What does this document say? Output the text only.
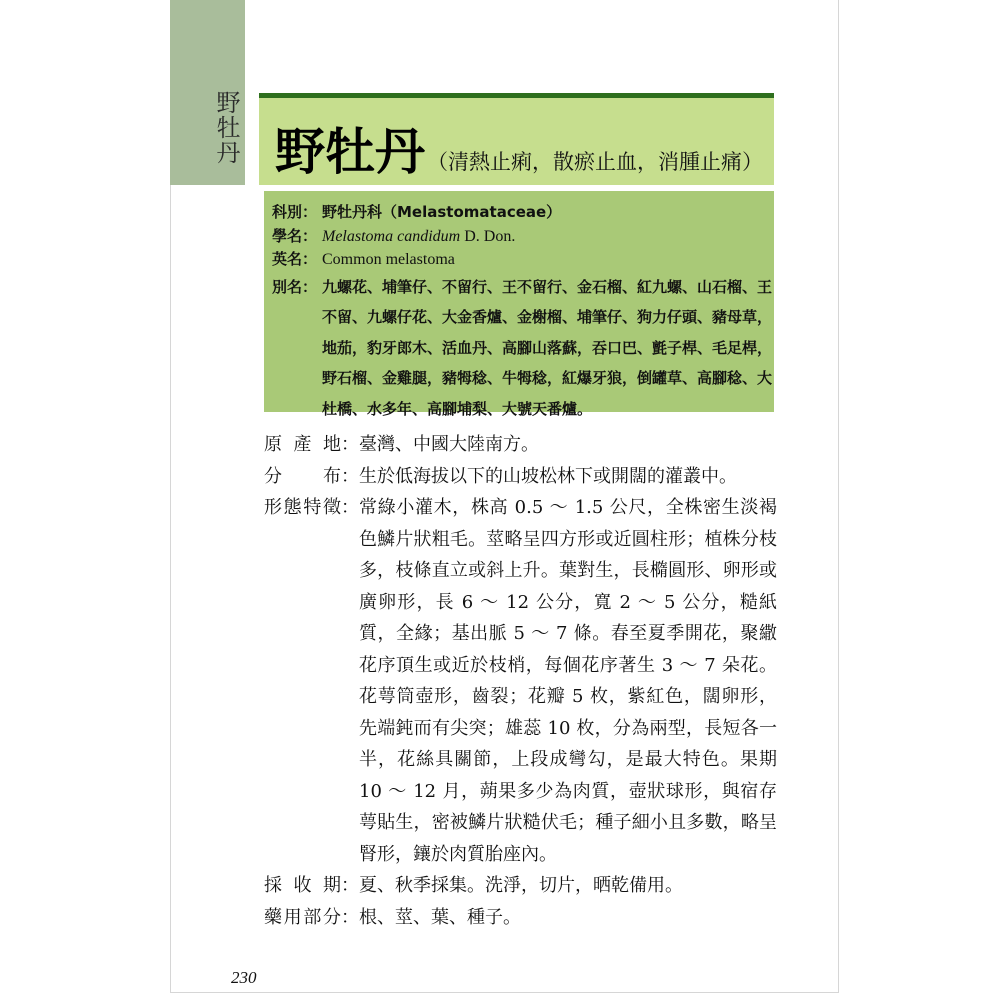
野牡丹 野牡丹 （清熱止痢，散瘀止血，消腫止痛）
科別： 野牡丹科（Melastomataceae）
學名： Melastoma candidum D. Don.
英名： Common melastoma
別名： 九螺花、埔筆仔、不留行、王不留行、金石榴、紅九螺、山石榴、王不留、九螺仔花、大金香爐、金榭榴、埔筆仔、狗力仔頭、豬母草，地茄，豹牙郎木、活血丹、高腳山落蘇，吞口巴、氈子桿、毛足桿，野石榴、金雞腿，豬牳稔、牛牳稔，紅爆牙狼，倒罐草、高腳稔、大杜橋、水多年、高腳埔梨、大號天番爐。
原產地 ： 臺灣、中國大陸南方。
分布 ： 生於低海拔以下的山坡松林下或開闊的灌叢中。
形態特徵 ： 常綠小灌木，株高 0.5 ～ 1.5 公尺，全株密生淡褐色鱗片狀粗毛。莖略呈四方形或近圓柱形；植株分枝多，枝條直立或斜上升。葉對生，長橢圓形、卵形或廣卵形，長 6 ～ 12 公分，寬 2 ～ 5 公分，糙紙質，全緣；基出脈 5 ～ 7 條。春至夏季開花，聚繖花序頂生或近於枝梢，每個花序著生 3 ～ 7 朵花。花萼筒壺形，齒裂；花瓣 5 枚，紫紅色，闊卵形，先端鈍而有尖突；雄蕊 10 枚，分為兩型，長短各一半，花絲具關節，上段成彎勾，是最大特色。果期 10 ～ 12 月，蒴果多少為肉質，壺狀球形，與宿存萼貼生，密被鱗片狀糙伏毛；種子細小且多數，略呈腎形，鑲於肉質胎座內。
採收期 ： 夏、秋季採集。洗淨，切片，晒乾備用。
藥用部分 ： 根、莖、葉、種子。
230
